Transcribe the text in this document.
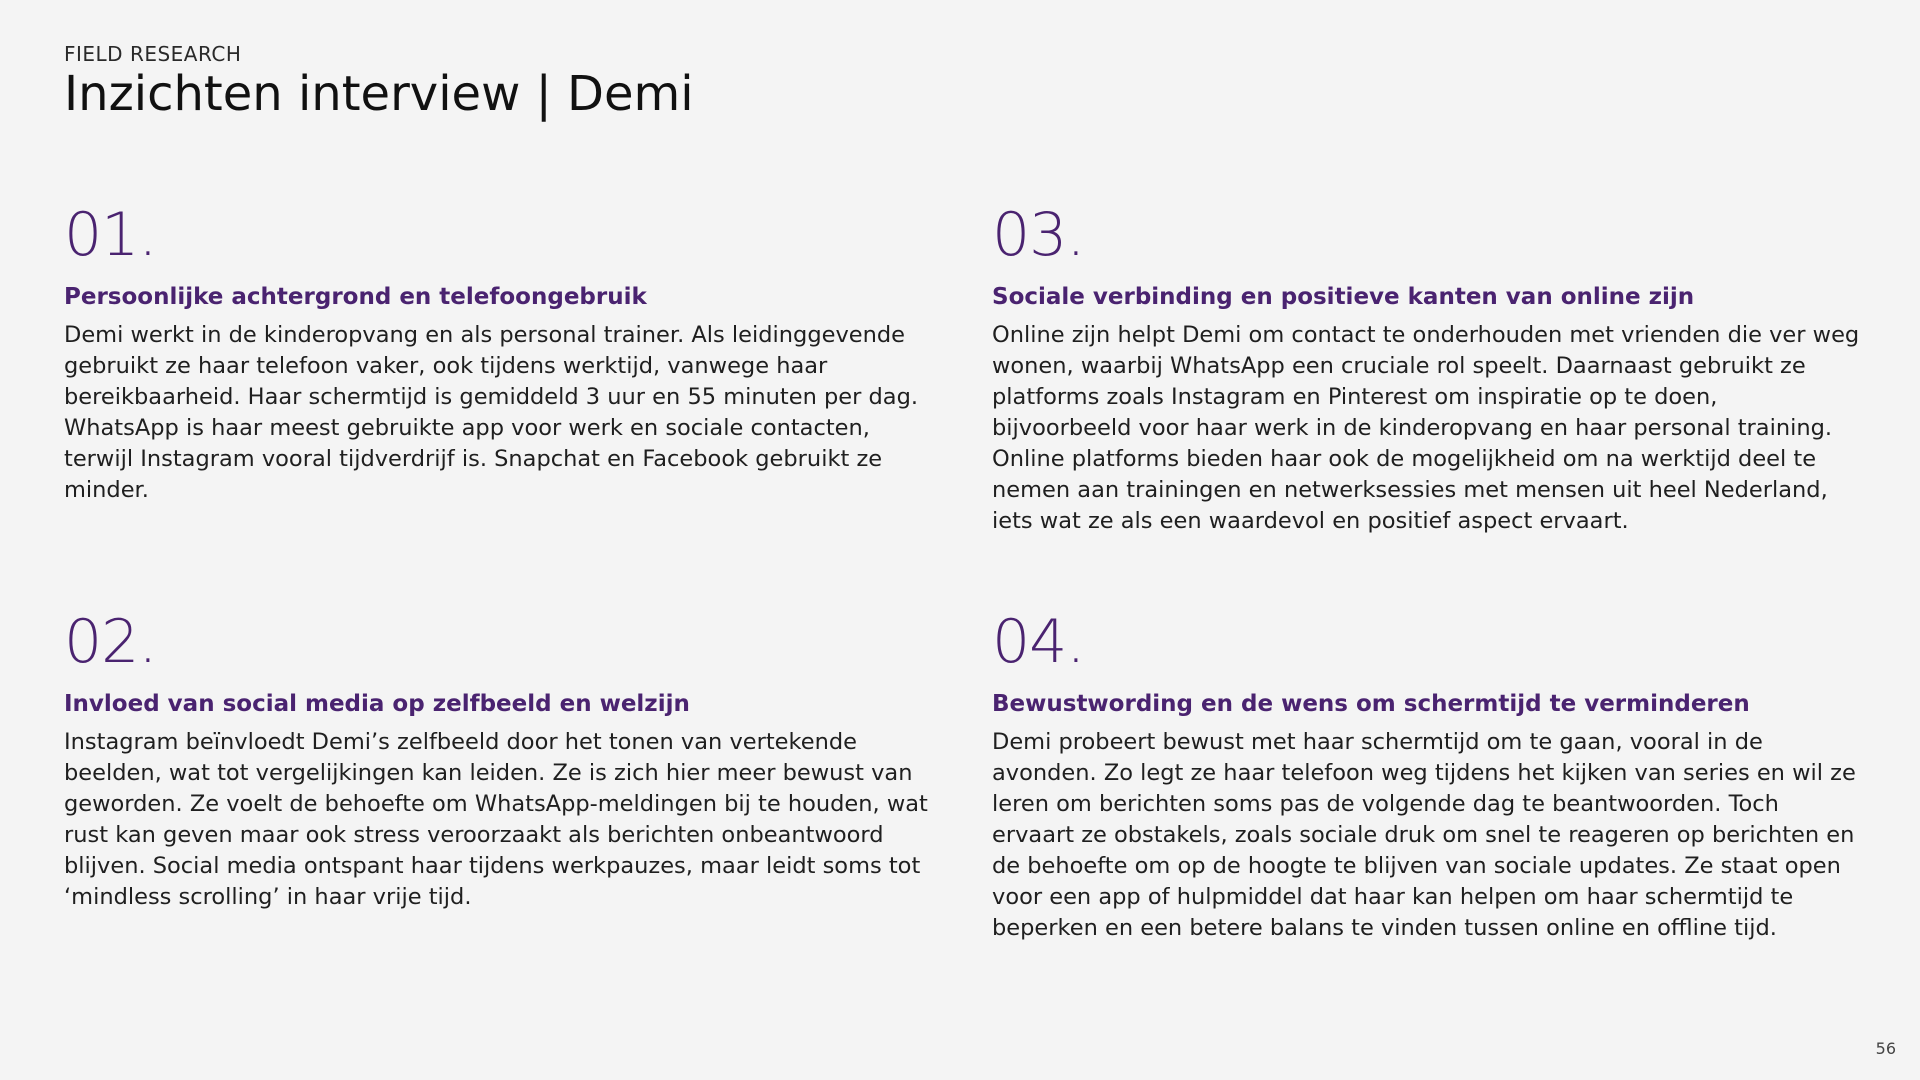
FIELD RESEARCH
Inzichten interview | Demi
01.
Persoonlijke achtergrond en telefoongebruik
Demi werkt in de kinderopvang en als personal trainer. Als leidinggevende gebruikt ze haar telefoon vaker, ook tijdens werktijd, vanwege haar bereikbaarheid. Haar schermtijd is gemiddeld 3 uur en 55 minuten per dag. WhatsApp is haar meest gebruikte app voor werk en sociale contacten, terwijl Instagram vooral tijdverdrijf is. Snapchat en Facebook gebruikt ze minder.
02.
Invloed van social media op zelfbeeld en welzijn
Instagram beïnvloedt Demi’s zelfbeeld door het tonen van vertekende beelden, wat tot vergelijkingen kan leiden. Ze is zich hier meer bewust van geworden. Ze voelt de behoefte om WhatsApp-meldingen bij te houden, wat rust kan geven maar ook stress veroorzaakt als berichten onbeantwoord blijven. Social media ontspant haar tijdens werkpauzes, maar leidt soms tot ‘mindless scrolling’ in haar vrije tijd.
03.
Sociale verbinding en positieve kanten van online zijn
Online zijn helpt Demi om contact te onderhouden met vrienden die ver weg wonen, waarbij WhatsApp een cruciale rol speelt. Daarnaast gebruikt ze platforms zoals Instagram en Pinterest om inspiratie op te doen, bijvoorbeeld voor haar werk in de kinderopvang en haar personal training. Online platforms bieden haar ook de mogelijkheid om na werktijd deel te nemen aan trainingen en netwerksessies met mensen uit heel Nederland, iets wat ze als een waardevol en positief aspect ervaart.
04.
Bewustwording en de wens om schermtijd te verminderen
Demi probeert bewust met haar schermtijd om te gaan, vooral in de avonden. Zo legt ze haar telefoon weg tijdens het kijken van series en wil ze leren om berichten soms pas de volgende dag te beantwoorden. Toch ervaart ze obstakels, zoals sociale druk om snel te reageren op berichten en de behoefte om op de hoogte te blijven van sociale updates. Ze staat open voor een app of hulpmiddel dat haar kan helpen om haar schermtijd te beperken en een betere balans te vinden tussen online en offline tijd.
56
